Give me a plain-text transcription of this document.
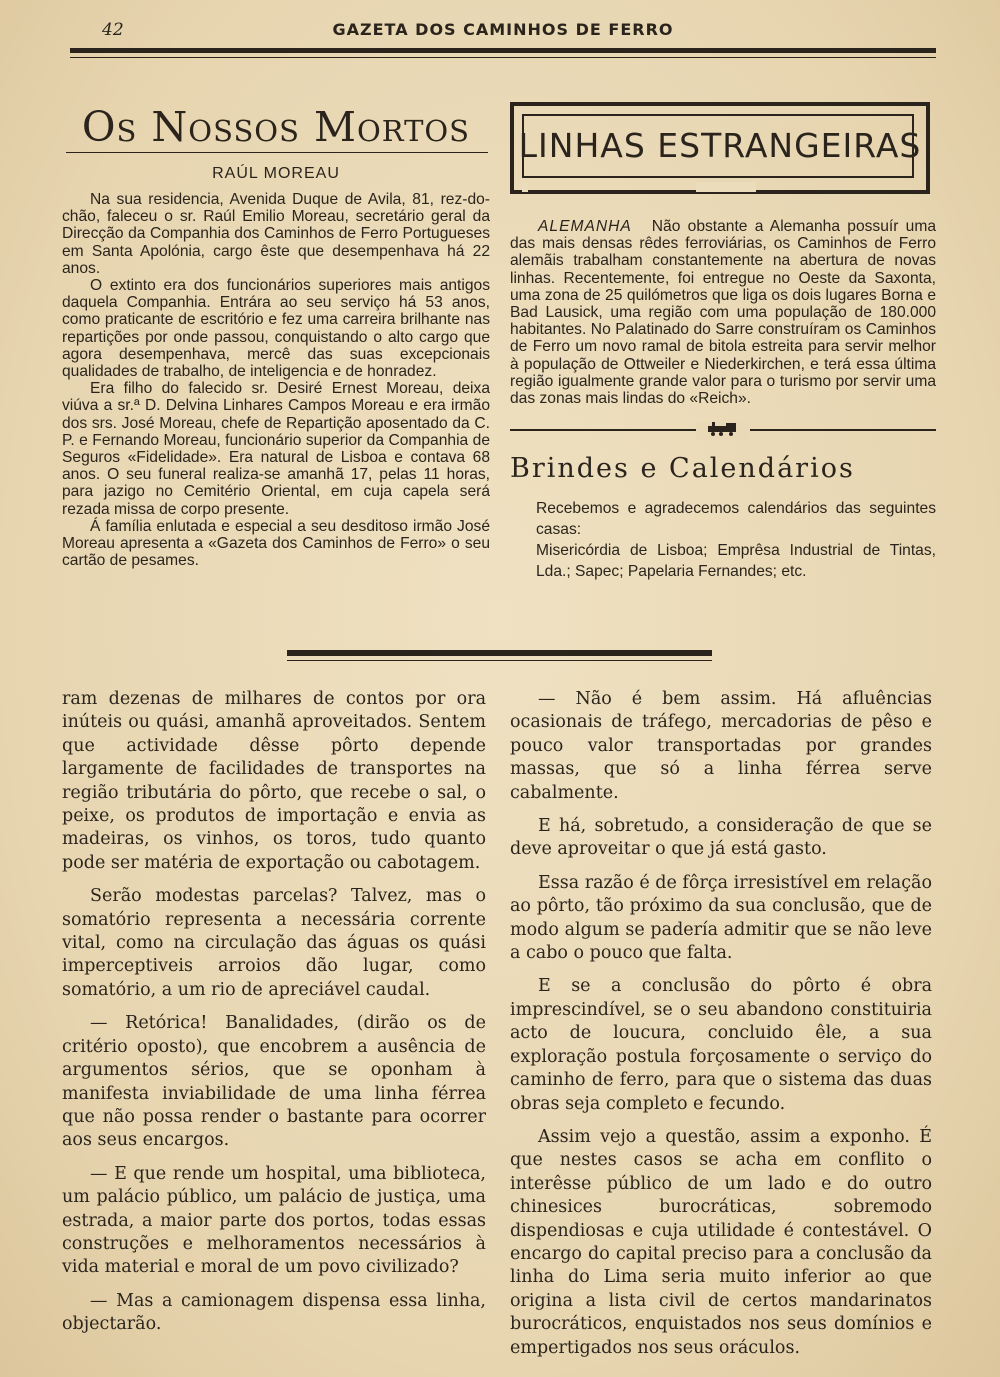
42	GAZETA DOS CAMINHOS DE FERRO
Os Nossos Mortos
RAÚL MOREAU

Na sua residencia, Avenida Duque de Avila, 81, rez-do-chão, faleceu o sr. Raúl Emilio Moreau, secretário geral da Direcção da Companhia dos Caminhos de Ferro Portugueses em Santa Apolónia, cargo êste que desempenhava há 22 anos.

O extinto era dos funcionários superiores mais antigos daquela Companhia. Entrára ao seu serviço há 53 anos, como praticante de escritório e fez uma carreira brilhante nas repartições por onde passou, conquistando o alto cargo que agora desempenhava, mercê das suas excepcionais qualidades de trabalho, de inteligencia e de honradez.

Era filho do falecido sr. Desiré Ernest Moreau, deixa viúva a sr.ª D. Delvina Linhares Campos Moreau e era irmão dos srs. José Moreau, chefe de Repartição aposentado da C. P. e Fernando Moreau, funcionário superior da Companhia de Seguros «Fidelidade». Era natural de Lisboa e contava 68 anos. O seu funeral realiza-se amanhã 17, pelas 11 horas, para jazigo no Cemitério Oriental, em cuja capela será rezada missa de corpo presente.

Á família enlutada e especial a seu desditoso irmão José Moreau apresenta a «Gazeta dos Caminhos de Ferro» o seu cartão de pesames.

LINHAS ESTRANGEIRAS

ALEMANHA Não obstante a Alemanha possuír uma das mais densas rêdes ferroviárias, os Caminhos de Ferro alemãis trabalham constantemente na abertura de novas linhas. Recentemente, foi entregue no Oeste da Saxonta, uma zona de 25 quilómetros que liga os dois lugares Borna e Bad Lausick, uma região com uma população de 180.000 habitantes. No Palatinado do Sarre construíram os Caminhos de Ferro um novo ramal de bitola estreita para servir melhor à população de Ottweiler e Niederkirchen, e terá essa última região igualmente grande valor para o turismo por servir uma das zonas mais lindas do «Reich».

Brindes e Calendários

Recebemos e agradecemos calendários das seguintes casas:

Misericórdia de Lisboa; Emprêsa Industrial de Tintas, Lda.; Sapec; Papelaria Fernandes; etc.

ram dezenas de milhares de contos por ora inúteis ou quási, amanhã aproveitados. Sentem que actividade dêsse pôrto depende largamente de facilidades de transportes na região tributária do pôrto, que recebe o sal, o peixe, os produtos de importação e envia as madeiras, os vinhos, os toros, tudo quanto pode ser matéria de exportação ou cabotagem.

Serão modestas parcelas? Talvez, mas o somatório representa a necessária corrente vital, como na circulação das águas os quási imperceptiveis arroios dão lugar, como somatório, a um rio de apreciável caudal.

— Retórica! Banalidades, (dirão os de critério oposto), que encobrem a ausência de argumentos sérios, que se oponham à manifesta inviabilidade de uma linha férrea que não possa render o bastante para ocorrer aos seus encargos.

— E que rende um hospital, uma biblioteca, um palácio público, um palácio de justiça, uma estrada, a maior parte dos portos, todas essas construções e melhoramentos necessários à vida material e moral de um povo civilizado?

— Mas a camionagem dispensa essa linha, objectarão.

— Não é bem assim. Há afluências ocasionais de tráfego, mercadorias de pêso e pouco valor transportadas por grandes massas, que só a linha férrea serve cabalmente.

E há, sobretudo, a consideração de que se deve aproveitar o que já está gasto.

Essa razão é de fôrça irresistível em relação ao pôrto, tão próximo da sua conclusão, que de modo algum se padería admitir que se não leve a cabo o pouco que falta.

E se a conclusão do pôrto é obra imprescindível, se o seu abandono constituiria acto de loucura, concluido êle, a sua exploração postula forçosamente o serviço do caminho de ferro, para que o sistema das duas obras seja completo e fecundo.

Assim vejo a questão, assim a exponho. É que nestes casos se acha em conflito o interêsse público de um lado e do outro chinesices burocráticas, sobremodo dispendiosas e cuja utilidade é contestável. O encargo do capital preciso para a conclusão da linha do Lima seria muito inferior ao que origina a lista civil de certos mandarinatos burocráticos, enquistados nos seus domínios e empertigados nos seus oráculos.
